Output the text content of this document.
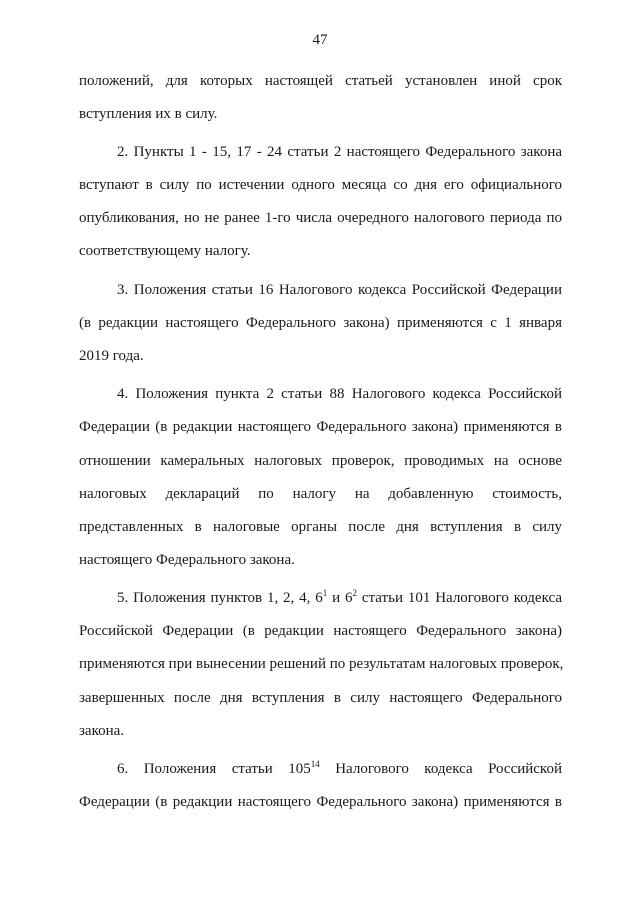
47
положений, для которых настоящей статьей установлен иной срок
вступления их в силу.
2. Пункты 1 - 15, 17 - 24 статьи 2 настоящего Федерального закона
вступают в силу по истечении одного месяца со дня его официального
опубликования, но не ранее 1-го числа очередного налогового периода по
соответствующему налогу.
3. Положения статьи 16 Налогового кодекса Российской Федерации
(в редакции настоящего Федерального закона) применяются с 1 января
2019 года.
4. Положения пункта 2 статьи 88 Налогового кодекса Российской
Федерации (в редакции настоящего Федерального закона) применяются в
отношении камеральных налоговых проверок, проводимых на основе
налоговых деклараций по налогу на добавленную стоимость,
представленных в налоговые органы после дня вступления в силу
настоящего Федерального закона.
5. Положения пунктов 1, 2, 4, $6^1$ и $6^2$ статьи 101 Налогового кодекса
Российской Федерации (в редакции настоящего Федерального закона)
применяются при вынесении решений по результатам налоговых проверок,
завершенных после дня вступления в силу настоящего Федерального
закона.
6. Положения статьи $105^{14}$ Налогового кодекса Российской
Федерации (в редакции настоящего Федерального закона) применяются в
